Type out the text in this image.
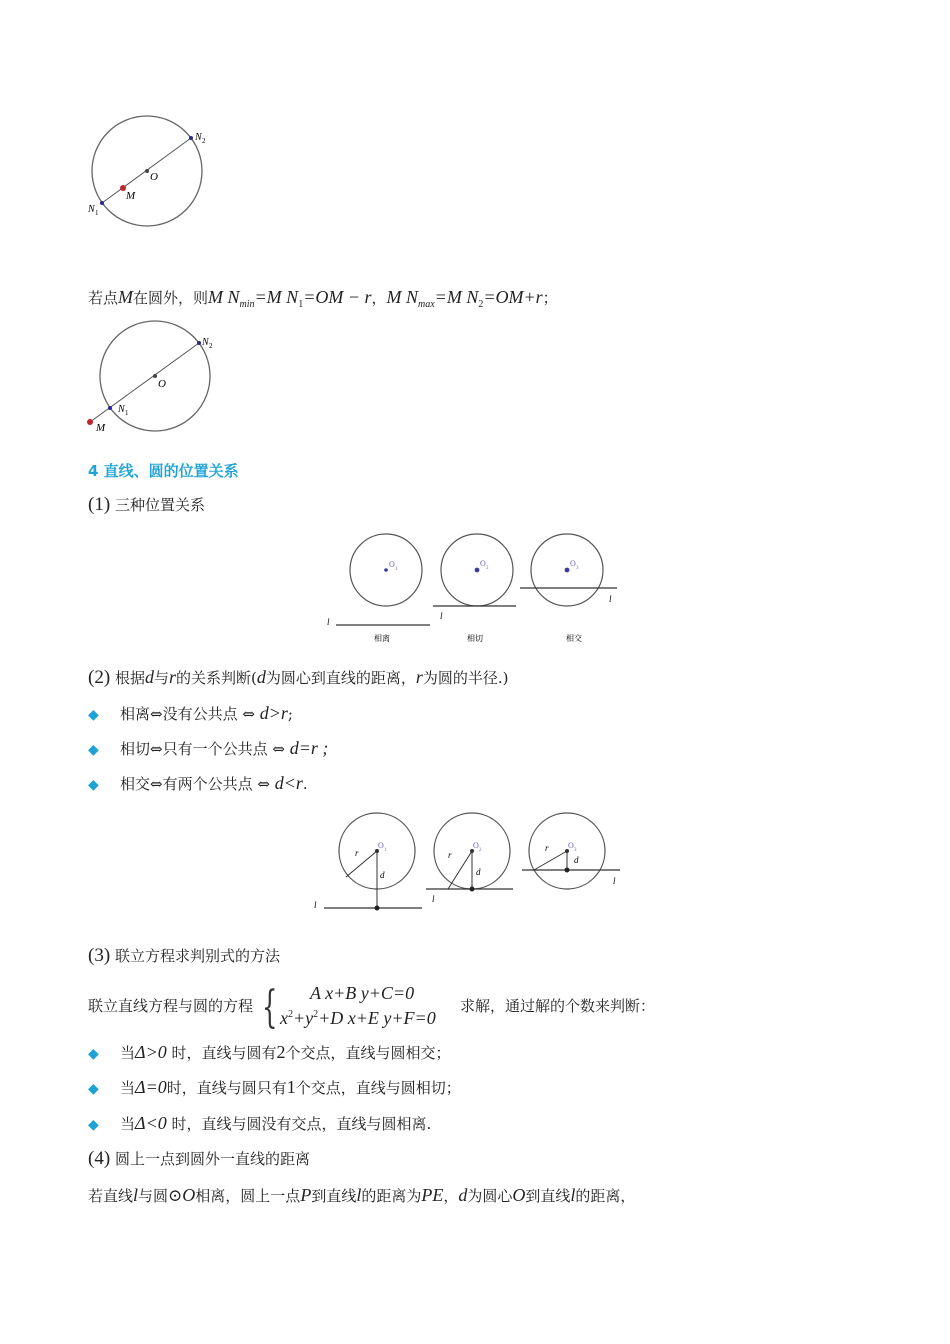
N 2
O
M
N 1
若点M在圆外，则M $N_{min}=M$ $N_1=OM - r$，M $N_{max}=M$ $N_2=OM+r$；
N 2
O
N 1
M
4 直线、圆的位置关系
(1) 三种位置关系
O
1
l
相离
O
2
l
相切
O
3
l
相交
(2) 根据d与r的关系判断(d为圆心到直线的距离，r为圆的半径.)
◆ 相离⇔没有公共点 ⇔ d>r;
◆ 相切⇔只有一个公共点 ⇔ d=r ;
◆ 相交⇔有两个公共点 ⇔ d<r.
O
1
r
d
l
O
2
r
d
l
O
3
r
d
l
(3) 联立方程求判别式的方法
联立直线方程与圆的方程 { A x+B y+C=0
$x^2+y^2+D$ x+E y+F=0
求解，通过解的个数来判断：
◆ 当Δ>0 时，直线与圆有2个交点，直线与圆相交；
◆ 当Δ=0时，直线与圆只有1个交点，直线与圆相切；
◆ 当Δ<0 时，直线与圆没有交点，直线与圆相离.
(4) 圆上一点到圆外一直线的距离
若直线l与圆⊙O相离，圆上一点P到直线l的距离为PE，d为圆心O到直线l的距离，
